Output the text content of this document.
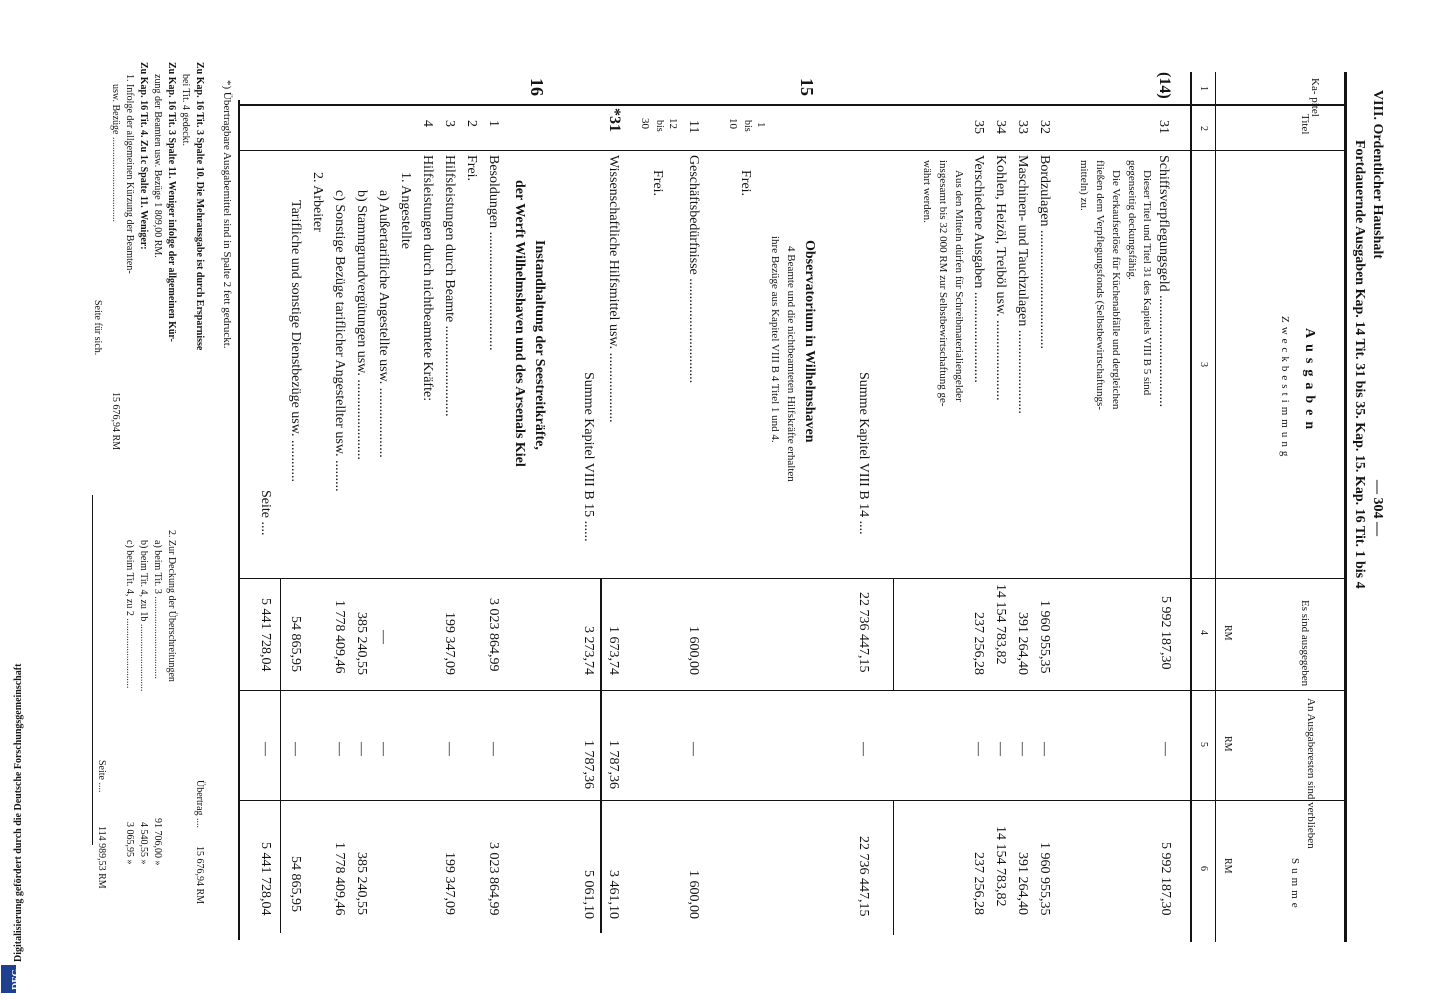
VIII. Ordentlicher Haushalt
— 304 —
Fortdauernde Ausgaben Kap. 14 Tit. 31 bis 35. Kap. 15. Kap. 16 Tit. 1 bis 4
Ka- pitel
Titel
Ausgaben
Zweckbestimmung
Es sind ausgegeben
An Ausgaberesten sind verblieben
Summe
RM
RM
RM
1
2
3
4
5
6
(14)
31
Schiffsverpflegungsgeld ................................
Dieser Titel und Titel 31 des Kapitels VIII B 5 sind
gegenseitig deckungsfähig.
Die Verkaufserlöse für Küchenabfälle und dergleichen
fließen dem Verpflegungsfonds (Selbstbewirtschaftungs-
mitteln) zu.
5 992 187,30
—
5 992 187,30
32
Bordzulagen ..................................
1 960 955,35
—
1 960 955,35
33
Maschinen- und Tauchzulagen ........................
391 264,40
—
391 264,40
34
Kohlen, Heizöl, Treiböl usw. .......................
14 154 783,82
—
14 154 783,82
35
Verschiedene Ausgaben ..........................
Aus den Mitteln dürfen für Schreibmaterialiengelder
insgesamt bis 32 000 RM zur Selbstbewirtschaftung ge-
währt werden.
237 256,28
—
237 256,28
Summe Kapitel VIII B 14 ....
22 736 447,15
—
22 736 447,15
15
Observatorium in Wilhelmshaven
4 Beamte und die nichtbeamteten Hilfskräfte erhalten
ihre Bezüge aus Kapitel VIII B 4 Titel 1 und 4.
1
bis
10
Frei.
11
Geschäftsbedürfnisse ..............................
1 600,00
—
1 600,00
12
bis
30
Frei.
*31
Wissenschaftliche Hilfsmittel usw. ....................
1 673,74
1 787,36
3 461,10
Summe Kapitel VIII B 15 ......
3 273,74
1 787,36
5 061,10
16
Instandhaltung der Seestreitkräfte,
der Werft Wilhelmshaven und des Arsenals Kiel
1
Besoldungen ..................................
3 023 864,99
—
3 023 864,99
2
Frei.
3
Hilfsleistungen durch Beamte ..........................
199 347,09
—
199 347,09
4
Hilfsleistungen durch nichtbeamtete Kräfte:
1. Angestellte
a) Außertarifliche Angestellte usw. ....................
—
—
b) Stammgrundvergütungen usw. .......................
385 240,55
—
385 240,55
c) Sonstige Bezüge tariflicher Angestellter usw. .........
1 778 409,46
—
1 778 409,46
2. Arbeiter
Tarifliche und sonstige Dienstbezüge usw. ............
54 865,95
—
54 865,95
Seite ....
5 441 728,04
—
5 441 728,04
*) Übertragbare Ausgabemittel sind in Spalte 2 fett gedruckt.
Zu Kap. 16 Tit. 3 Spalte 10. Die Mehrausgabe ist durch Ersparnisse
bei Tit. 4 gedeckt.
Zu Kap. 16 Tit. 3 Spalte 11. Weniger infolge der allgemeinen Kür-
zung der Beamten usw. Bezüge 1 809,00 RM.
Zu Kap. 16 Tit. 4. Zu 1c Spalte 11. Weniger:
1. Infolge der allgemeinen Kürzung der Beamten-
usw. Bezüge ..................................
15 676,94 RM
Seite für sich.
2. Zur Deckung der Überschreitungen
a) beim Tit. 3 .................................
91 706,00 »
b) beim Tit. 4, zu 1b ...........................
4 540,55 »
c) beim Tit. 4, zu 2 ............................
3 065,95 »
Übertrag ....
15 676,94 RM
Seite ....
114 989,53 RM
Digitalisierung gefördert durch die Deutsche Forschungsgemeinschaft
DFG
